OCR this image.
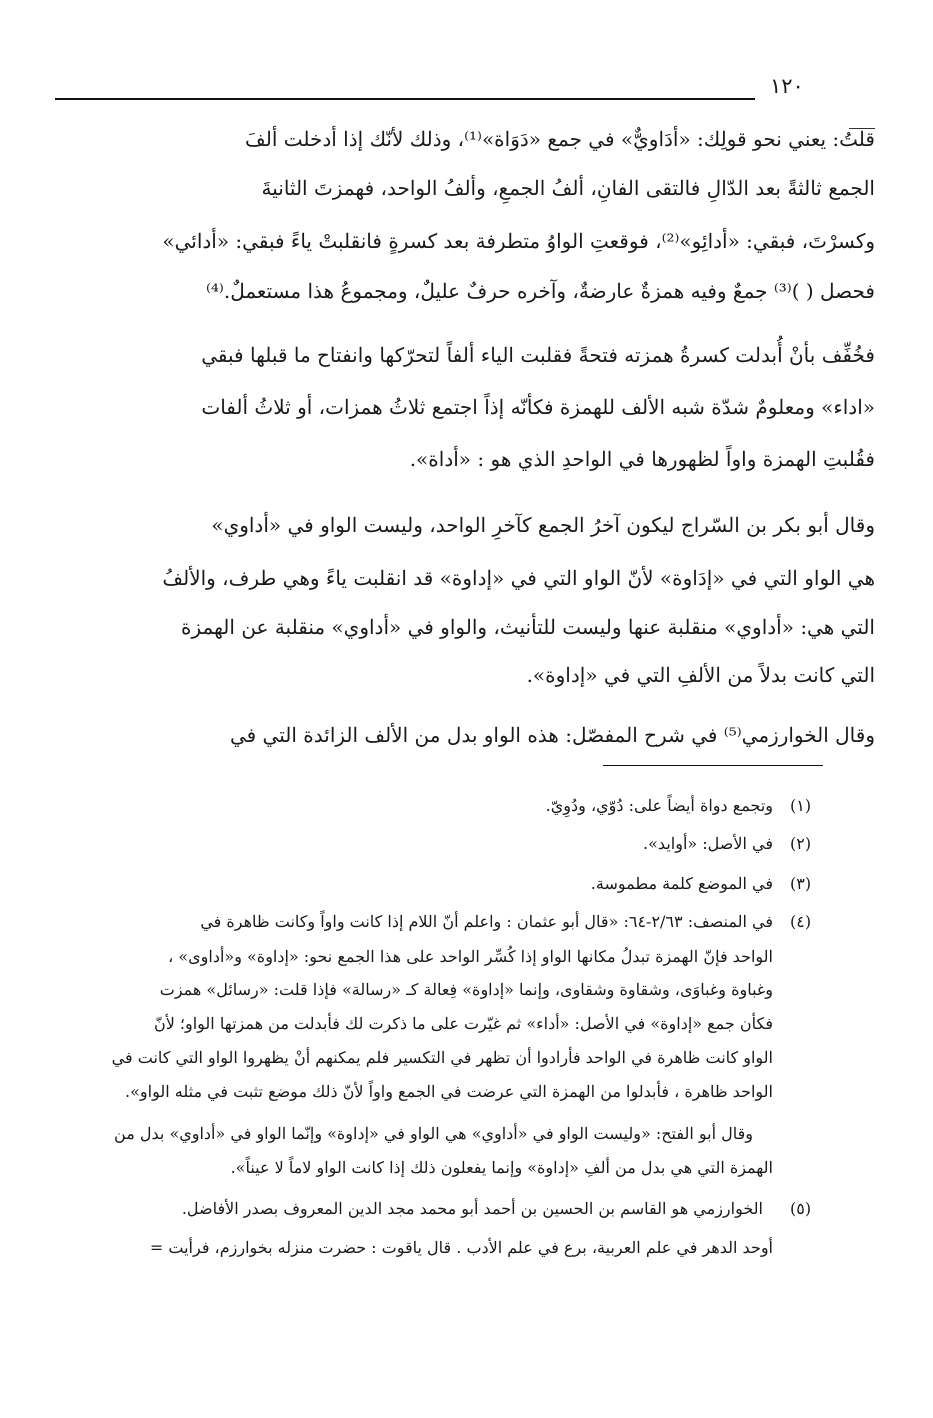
١٢٠
قلتُ: يعني نحو قولِك: «أدَاويٌّ» في جمع «دَوَاة»⁽¹⁾، وذلك لأنّك إذا أدخلت ألفَ
الجمع ثالثةً بعد الدّالِ فالتقى الفانِ، ألفُ الجمعِ، وألفُ الواحد، فهمزتَ الثانيةَ
وكسرْتَ، فبقي: «أدائِو»⁽²⁾، فوقعتِ الواوُ متطرفة بعد كسرةٍ فانقلبتْ ياءً فبقي: «أدائي»
فحصل ( )⁽³⁾ جمعٌ وفيه همزةٌ عارضةٌ، وآخره حرفٌ عليلٌ، ومجموعُ هذا مستعملٌ.⁽⁴⁾
فخُفِّف بأنْ أُبدلت كسرةُ همزته فتحةً فقلبت الياء ألفاً لتحرّكها وانفتاح ما قبلها فبقي
«اداء» ومعلومٌ شدّة شبه الألف للهمزة فكأنّه إذاً اجتمع ثلاثُ همزات، أو ثلاثُ ألفات
فقُلبتِ الهمزة واواً لظهورها في الواحدِ الذي هو : «أداة».
وقال أبو بكر بن السّراج ليكون آخرُ الجمع كآخرِ الواحد، وليست الواو في «أداوي»
هي الواو التي في «إدَاوة» لأنّ الواو التي في «إداوة» قد انقلبت ياءً وهي طرف، والألفُ
التي هي: «أداوي» منقلبة عنها وليست للتأنيث، والواو في «أداوي» منقلبة عن الهمزة
التي كانت بدلاً من الألفِ التي في «إداوة».
وقال الخوارزمي⁽⁵⁾ في شرح المفصّل: هذه الواو بدل من الألف الزائدة التي في
(١)
وتجمع دواة أيضاً على: دُوّي، ودُوِيّ.
(٢)
في الأصل: «أوايد».
(٣)
في الموضع كلمة مطموسة.
(٤)
في المنصف: ٢/٦٣-٦٤: «قال أبو عثمان : واعلم أنّ اللام إذا كانت واواً وكانت ظاهرة في
الواحد فإنّ الهمزة تبدلُ مكانها الواو إذا كُسِّر الواحد على هذا الجمع نحو: «إداوة» و«أداوى» ،
وغباوة وغباوَى، وشقاوة وشقاوى، وإنما «إداوة» فِعالة كـ «رسالة» فإذا قلت: «رسائل» همزت
فكأن جمع «إداوة» في الأصل: «أداء» ثم غيّرت على ما ذكرت لك فأبدلت من همزتها الواو؛ لأنّ
الواو كانت ظاهرة في الواحد فأرادوا أن تظهر في التكسير فلم يمكنهم أنْ يظهروا الواو التي كانت في
الواحد ظاهرة ، فأبدلوا من الهمزة التي عرضت في الجمع واواً لأنّ ذلك موضع تثبت في مثله الواو».
وقال أبو الفتح: «وليست الواو في «أداوي» هي الواو في «إداوة» وإنّما الواو في «أداوي» بدل من
الهمزة التي هي بدل من ألفِ «إداوة» وإنما يفعلون ذلك إذا كانت الواو لاماً لا عيناً».
(٥)
الخوارزمي هو القاسم بن الحسين بن أحمد أبو محمد مجد الدين المعروف بصدر الأفاضل.
أوحد الدهر في علم العربية، برع في علم الأدب . قال ياقوت : حضرت منزله بخوارزم، فرأيت =
